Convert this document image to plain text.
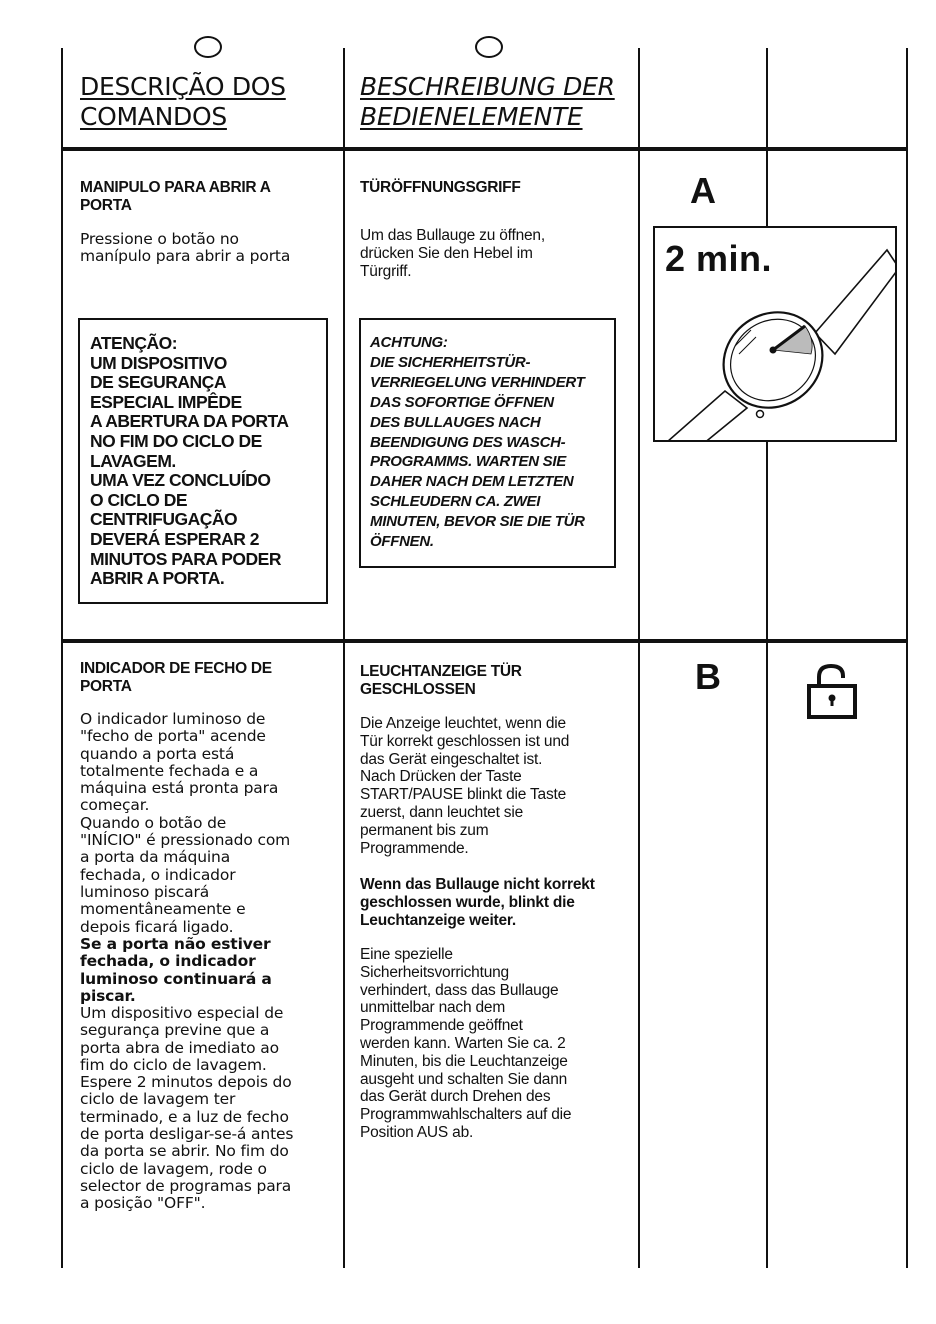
DESCRIÇÃO DOS
COMANDOS
BESCHREIBUNG DER
BEDIENELEMENTE
MANIPULO PARA ABRIR A
PORTA
Pressione o botão no
manípulo para abrir a porta
ATENÇÃO:
UM DISPOSITIVO
DE SEGURANÇA
ESPECIAL IMPÊDE
A ABERTURA DA PORTA
NO FIM DO CICLO DE
LAVAGEM.
UMA VEZ CONCLUÍDO
O CICLO DE
CENTRIFUGAÇÃO
DEVERÁ ESPERAR 2
MINUTOS PARA PODER
ABRIR A PORTA.
TÜRÖFFNUNGSGRIFF
Um das Bullauge zu öffnen,
drücken Sie den Hebel im
Türgriff.
ACHTUNG:
DIE SICHERHEITSTÜR-
VERRIEGELUNG VERHINDERT
DAS SOFORTIGE ÖFFNEN
DES BULLAUGES NACH
BEENDIGUNG DES WASCH-
PROGRAMMS. WARTEN SIE
DAHER NACH DEM LETZTEN
SCHLEUDERN CA. ZWEI
MINUTEN, BEVOR SIE DIE TÜR
ÖFFNEN.
A
2 min.
INDICADOR DE FECHO DE
PORTA
O indicador luminoso de
"fecho de porta" acende
quando a porta está
totalmente fechada e a
máquina está pronta para
começar.
Quando o botão de
"INÍCIO" é pressionado com
a porta da máquina
fechada, o indicador
luminoso piscará
momentâneamente e
depois ficará ligado.
Se a porta não estiver
fechada, o indicador
luminoso continuará a
piscar.
Um dispositivo especial de
segurança previne que a
porta abra de imediato ao
fim do ciclo de lavagem.
Espere 2 minutos depois do
ciclo de lavagem ter
terminado, e a luz de fecho
de porta desligar-se-á antes
da porta se abrir. No fim do
ciclo de lavagem, rode o
selector de programas para
a posição "OFF".
LEUCHTANZEIGE TÜR
GESCHLOSSEN
Die Anzeige leuchtet, wenn die
Tür korrekt geschlossen ist und
das Gerät eingeschaltet ist.
Nach Drücken der Taste
START/PAUSE blinkt die Taste
zuerst, dann leuchtet sie
permanent bis zum
Programmende.
Wenn das Bullauge nicht korrekt
geschlossen wurde, blinkt die
Leuchtanzeige weiter.
Eine spezielle
Sicherheitsvorrichtung
verhindert, dass das Bullauge
unmittelbar nach dem
Programmende geöffnet
werden kann. Warten Sie ca. 2
Minuten, bis die Leuchtanzeige
ausgeht und schalten Sie dann
das Gerät durch Drehen des
Programmwahlschalters auf die
Position AUS ab.
B
